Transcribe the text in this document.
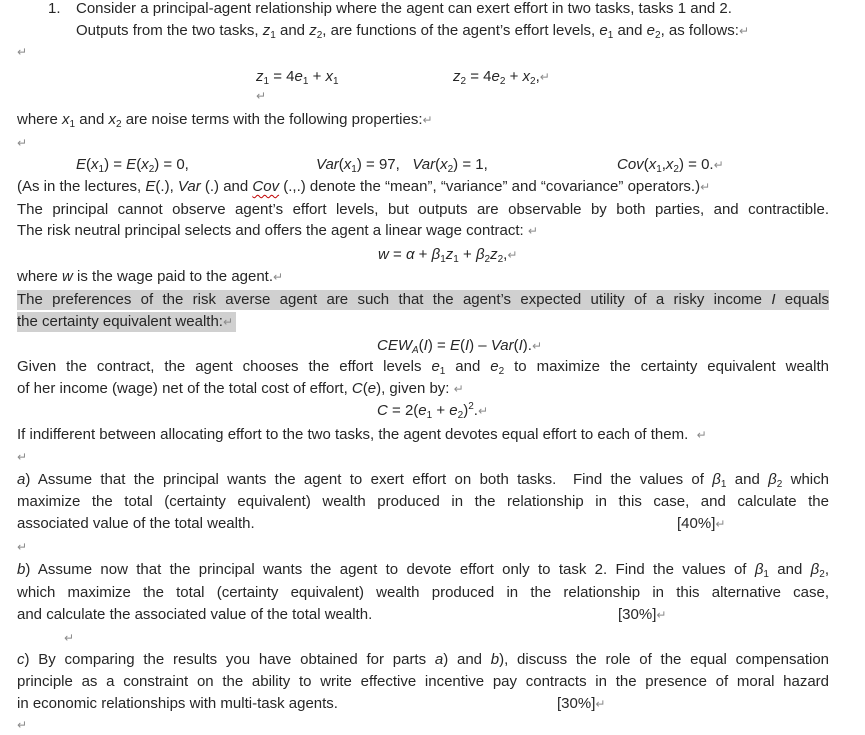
1. Consider a principal-agent relationship where the agent can exert effort in two tasks, tasks 1 and 2.
Outputs from the two tasks, $z_1$ and $z_2$, are functions of the agent’s effort levels, $e_1$ and $e_2$, as follows:↵
↵
$z_1 = 4e_1 + x_1$	$z_2 = 4e_2$ + $x_2,↵$
↵
where $x_1$ and $x_2$ are noise terms with the following properties:↵
↵
$E(x_1) = E(x_2) = 0$,	$Var(x_1) = 97$,   $Var(x_2) = 1$,	$Cov(x_1,x_2)$ = 0.↵
(As in the lectures, E(.), Var (.) and Cov (.,.) denote the “mean”, “variance” and “covariance” operators.)↵
The principal cannot observe agent’s effort levels, but outputs are observable by both parties, and contractible.
The risk neutral principal selects and offers the agent a linear wage contract: ↵
$w = \alpha + \beta_1z_1$ + $\beta_2z_2,↵$
where w is the wage paid to the agent.↵
The preferences of the risk averse agent are such that the agent’s expected utility of a risky income I equals
the certainty equivalent wealth:↵
$CEW_A(I) = E(I)$ – Var(I).↵
Given the contract, the agent chooses the effort levels $e_1$ and $e_2$ to maximize the certainty equivalent wealth
of her income (wage) net of the total cost of effort, C(e), given by: ↵
$C = 2(e_1$ + $e_2)^2.↵$
If indifferent between allocating effort to the two tasks, the agent devotes equal effort to each of them. ↵
↵
a) Assume that the principal wants the agent to exert effort on both tasks.  Find the values of $\beta_1$ and $\beta_2$ which
maximize the total (certainty equivalent) wealth produced in the relationship in this case, and calculate the
associated value of the total wealth.	[40%]↵
↵
b) Assume now that the principal wants the agent to devote effort only to task 2. Find the values of $\beta_1$ and $\beta_2$,
which maximize the total (certainty equivalent) wealth produced in the relationship in this alternative case,
and calculate the associated value of the total wealth.	[30%]↵
↵
c) By comparing the results you have obtained for parts a) and b), discuss the role of the equal compensation
principle as a constraint on the ability to write effective incentive pay contracts in the presence of moral hazard
in economic relationships with multi-task agents.	[30%]↵
↵
